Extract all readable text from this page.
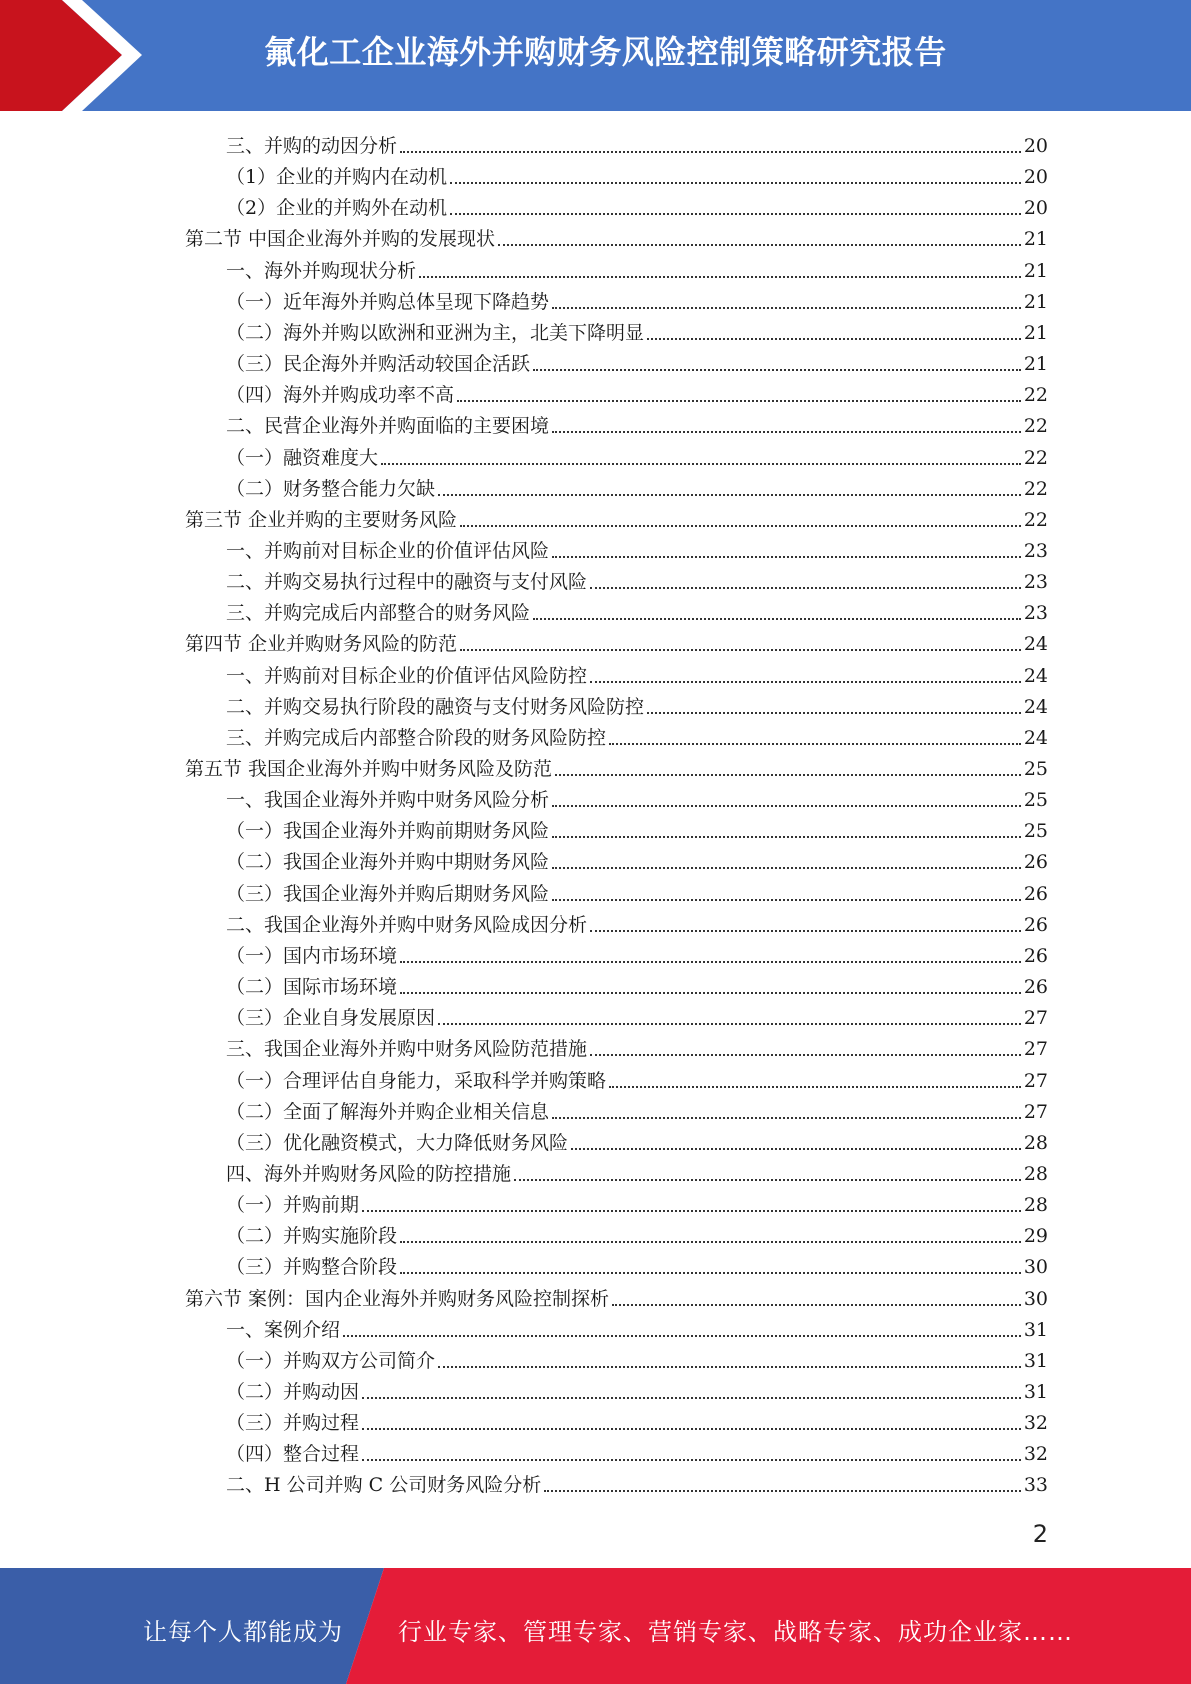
氟化工企业海外并购财务风险控制策略研究报告
三、并购的动因分析	20
（1）企业的并购内在动机	20
（2）企业的并购外在动机	20
第二节 中国企业海外并购的发展现状	21
一、海外并购现状分析	21
（一）近年海外并购总体呈现下降趋势	21
（二）海外并购以欧洲和亚洲为主，北美下降明显	21
（三）民企海外并购活动较国企活跃	21
（四）海外并购成功率不高	22
二、民营企业海外并购面临的主要困境	22
（一）融资难度大	22
（二）财务整合能力欠缺	22
第三节 企业并购的主要财务风险	22
一、并购前对目标企业的价值评估风险	23
二、并购交易执行过程中的融资与支付风险	23
三、并购完成后内部整合的财务风险	23
第四节 企业并购财务风险的防范	24
一、并购前对目标企业的价值评估风险防控	24
二、并购交易执行阶段的融资与支付财务风险防控	24
三、并购完成后内部整合阶段的财务风险防控	24
第五节 我国企业海外并购中财务风险及防范	25
一、我国企业海外并购中财务风险分析	25
（一）我国企业海外并购前期财务风险	25
（二）我国企业海外并购中期财务风险	26
（三）我国企业海外并购后期财务风险	26
二、我国企业海外并购中财务风险成因分析	26
（一）国内市场环境	26
（二）国际市场环境	26
（三）企业自身发展原因	27
三、我国企业海外并购中财务风险防范措施	27
（一）合理评估自身能力，采取科学并购策略	27
（二）全面了解海外并购企业相关信息	27
（三）优化融资模式，大力降低财务风险	28
四、海外并购财务风险的防控措施	28
（一）并购前期	28
（二）并购实施阶段	29
（三）并购整合阶段	30
第六节 案例：国内企业海外并购财务风险控制探析	30
一、案例介绍	31
（一）并购双方公司简介	31
（二）并购动因	31
（三）并购过程	32
（四）整合过程	32
二、H 公司并购 C 公司财务风险分析	33
2
让每个人都能成为 行业专家、管理专家、营销专家、战略专家、成功企业家……
